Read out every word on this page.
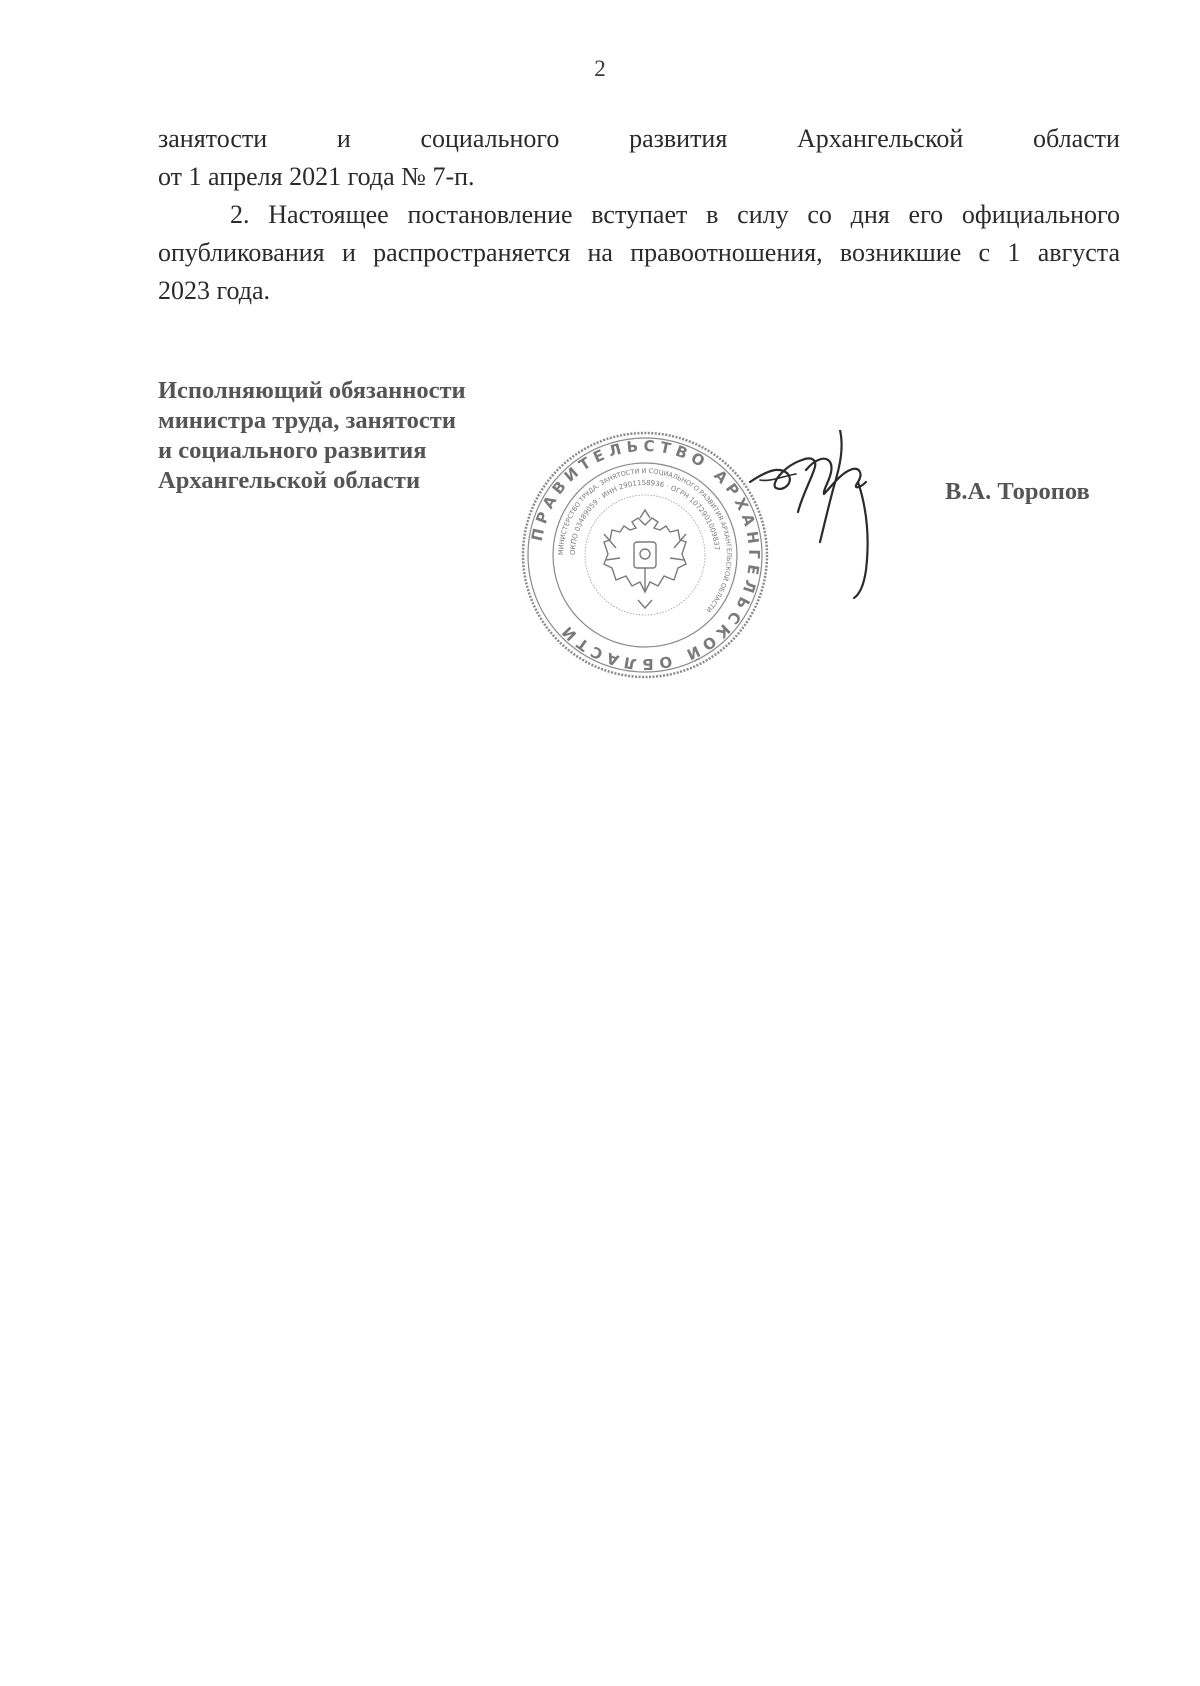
2
занятости	и	социального	развития	Архангельской	области
от 1 апреля 2021 года № 7-п.
2. Настоящее постановление вступает в силу со дня его официального
опубликования и распространяется на правоотношения, возникшие с 1 августа
2023 года.
Исполняющий обязанности
министра труда, занятости
и социального развития
Архангельской области	В.А. Торопов
ПРАВИТЕЛЬСТВО АРХАНГЕЛЬСКОЙ ОБЛАСТИ
МИНИСТЕРСТВО ТРУДА, ЗАНЯТОСТИ И СОЦИАЛЬНОГО РАЗВИТИЯ АРХАНГЕЛЬСКОЙ ОБЛАСТИ
ОКПО 03489059 · ИНН 2901158936 · ОГРН 1072901009837
